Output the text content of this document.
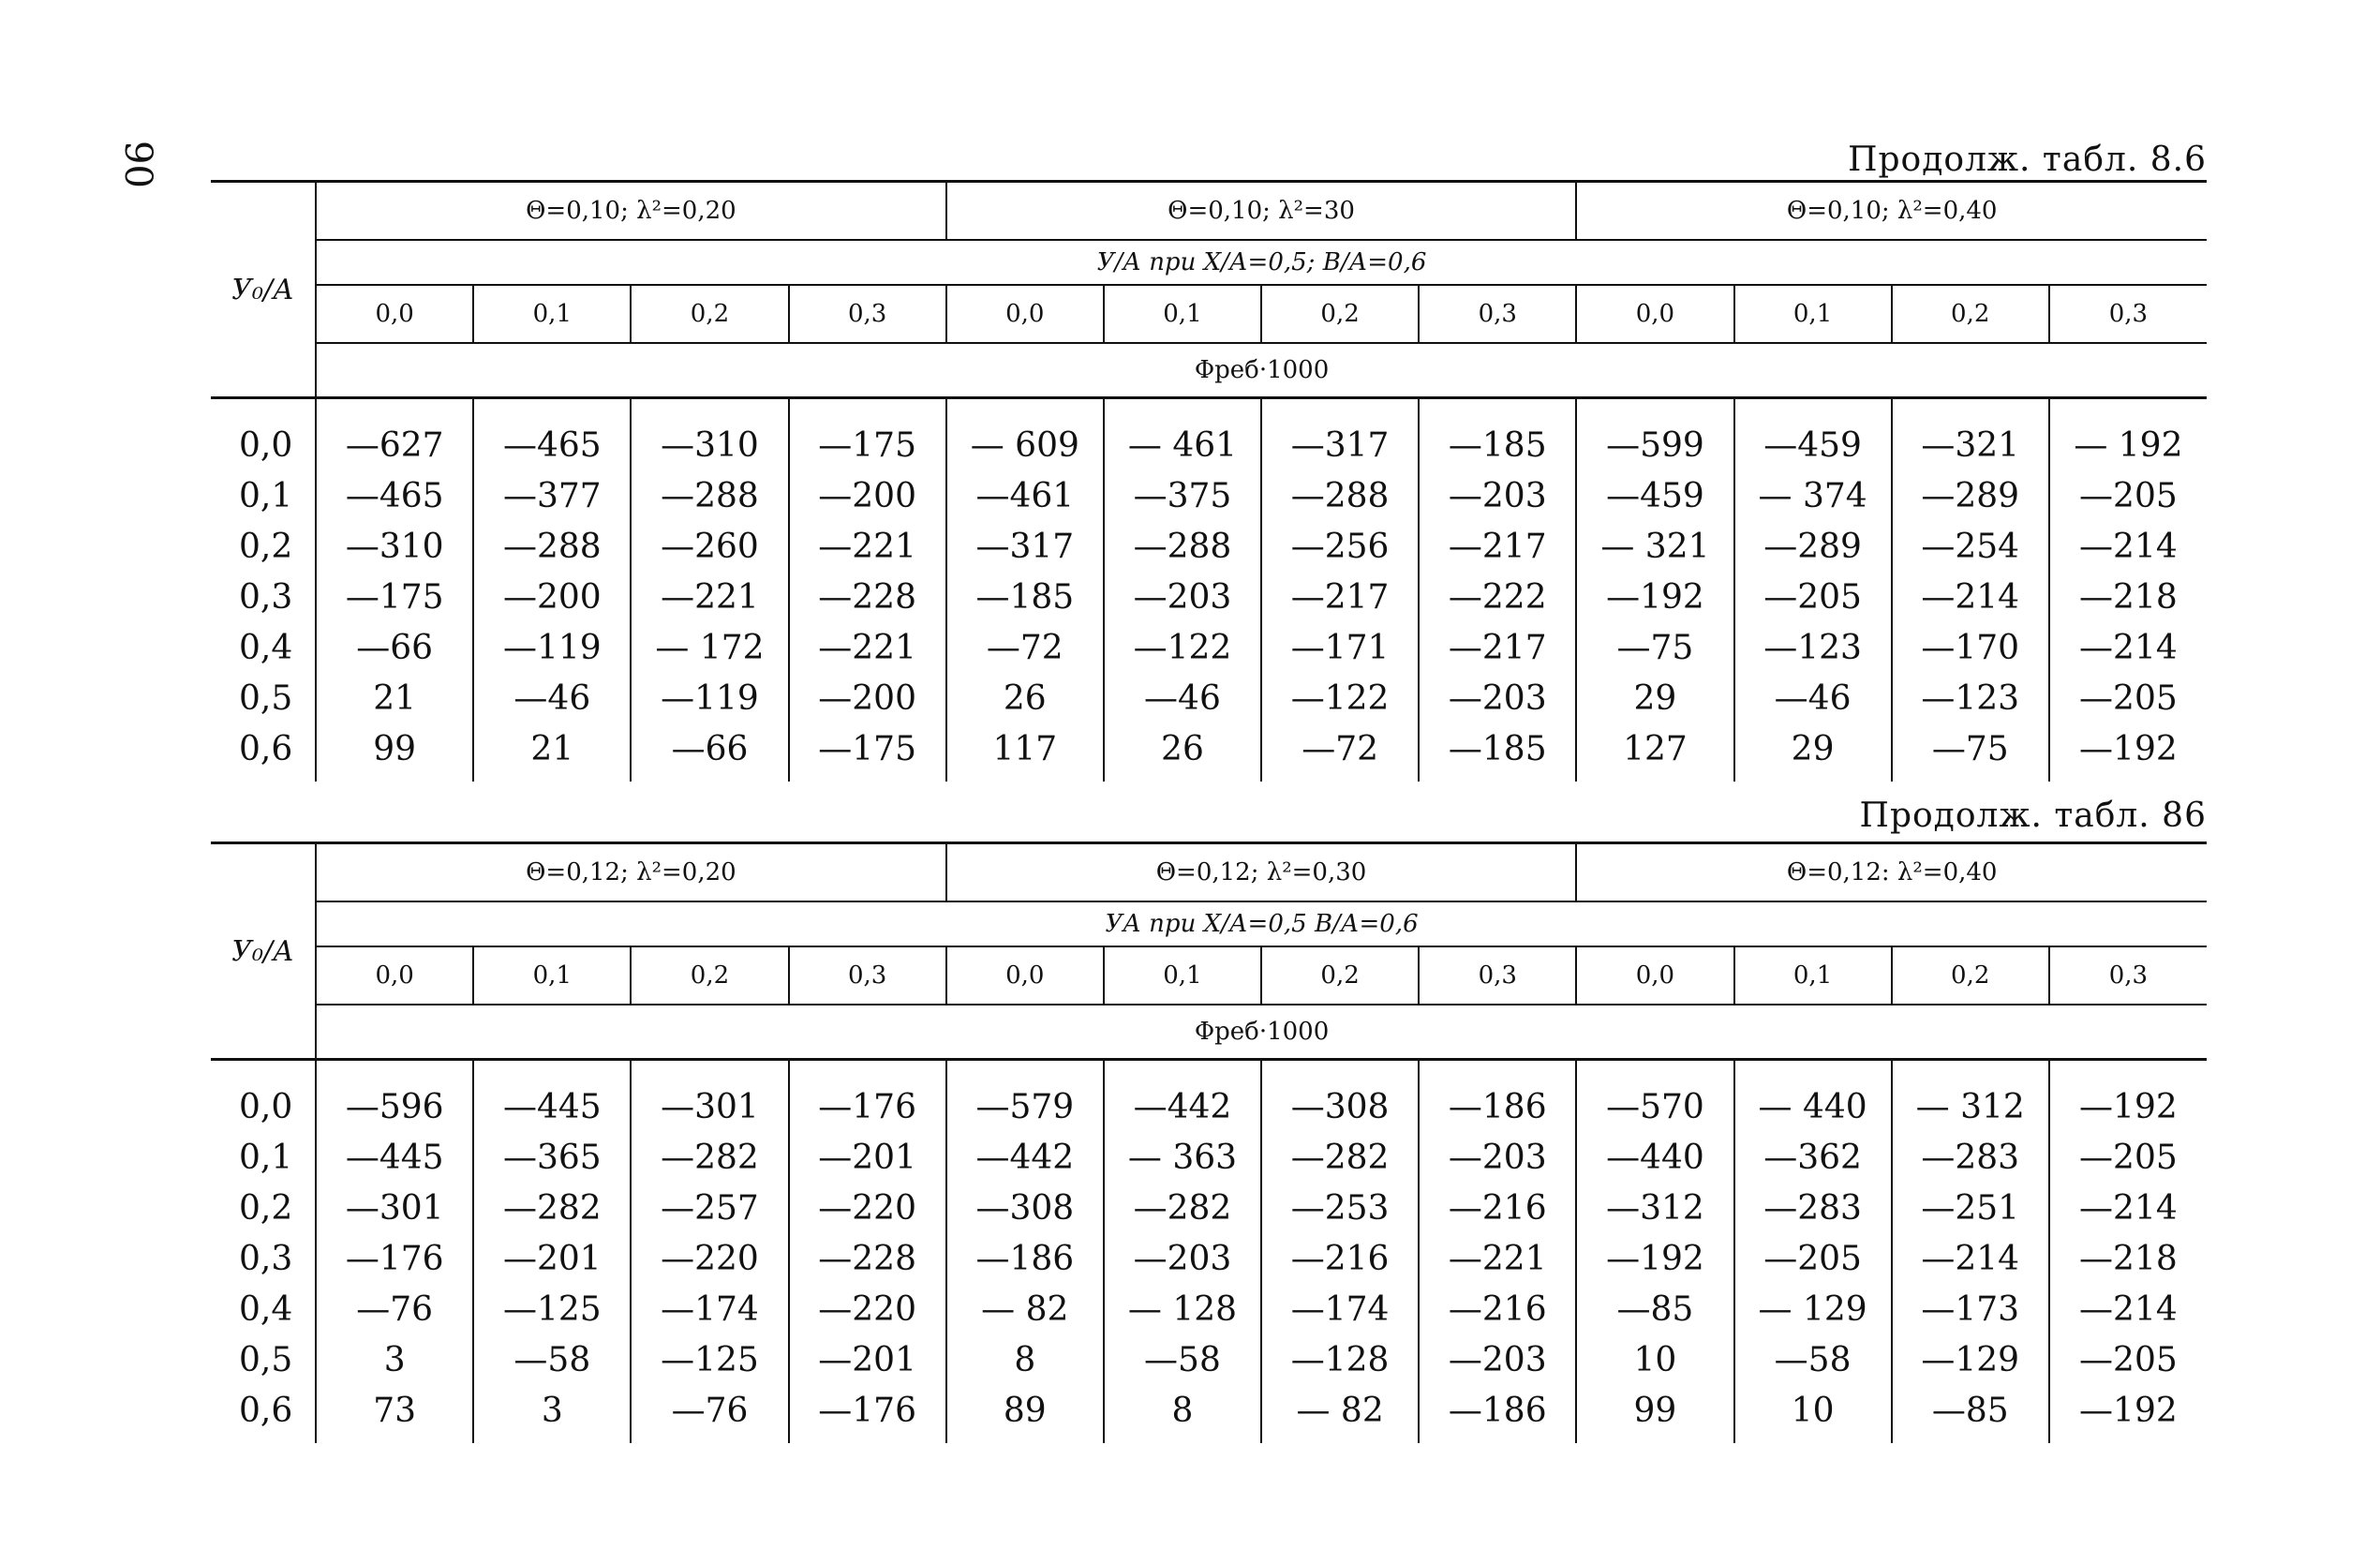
90	Продолж. табл. 8.6

У₀/А	Θ=0,10; λ²=0,20				Θ=0,10; λ²=30				Θ=0,10; λ²=0,40			
	У/А при Х/А=0,5; В/А=0,6											
	0,0	0,1	0,2	0,3	0,0	0,1	0,2	0,3	0,0	0,1	0,2	0,3
	Φреб·1000											

0,0	—627	—465	—310	—175	— 609	— 461	—317	—185	—599	—459	—321	— 192
0,1	—465	—377	—288	—200	—461	—375	—288	—203	—459	— 374	—289	—205
0,2	—310	—288	—260	—221	—317	—288	—256	—217	— 321	—289	—254	—214
0,3	—175	—200	—221	—228	—185	—203	—217	—222	—192	—205	—214	—218
0,4	—66	—119	— 172	—221	—72	—122	—171	—217	—75	—123	—170	—214
0,5	21	—46	—119	—200	26	—46	—122	—203	29	—46	—123	—205
0,6	99	21	—66	—175	117	26	—72	—185	127	29	—75	—192
Продолж. табл. 86

У₀/А	Θ=0,12; λ²=0,20				Θ=0,12; λ²=0,30				Θ=0,12: λ²=0,40			
	УА при Х/А=0,5 В/А=0,6											
	0,0	0,1	0,2	0,3	0,0	0,1	0,2	0,3	0,0	0,1	0,2	0,3
	Φреб·1000											

0,0	—596	—445	—301	—176	—579	—442	—308	—186	—570	— 440	— 312	—192
0,1	—445	—365	—282	—201	—442	— 363	—282	—203	—440	—362	—283	—205
0,2	—301	—282	—257	—220	—308	—282	—253	—216	—312	—283	—251	—214
0,3	—176	—201	—220	—228	—186	—203	—216	—221	—192	—205	—214	—218
0,4	—76	—125	—174	—220	— 82	— 128	—174	—216	—85	— 129	—173	—214
0,5	3	—58	—125	—201	8	—58	—128	—203	10	—58	—129	—205
0,6	73	3	—76	—176	89	8	— 82	—186	99	10	—85	—192
